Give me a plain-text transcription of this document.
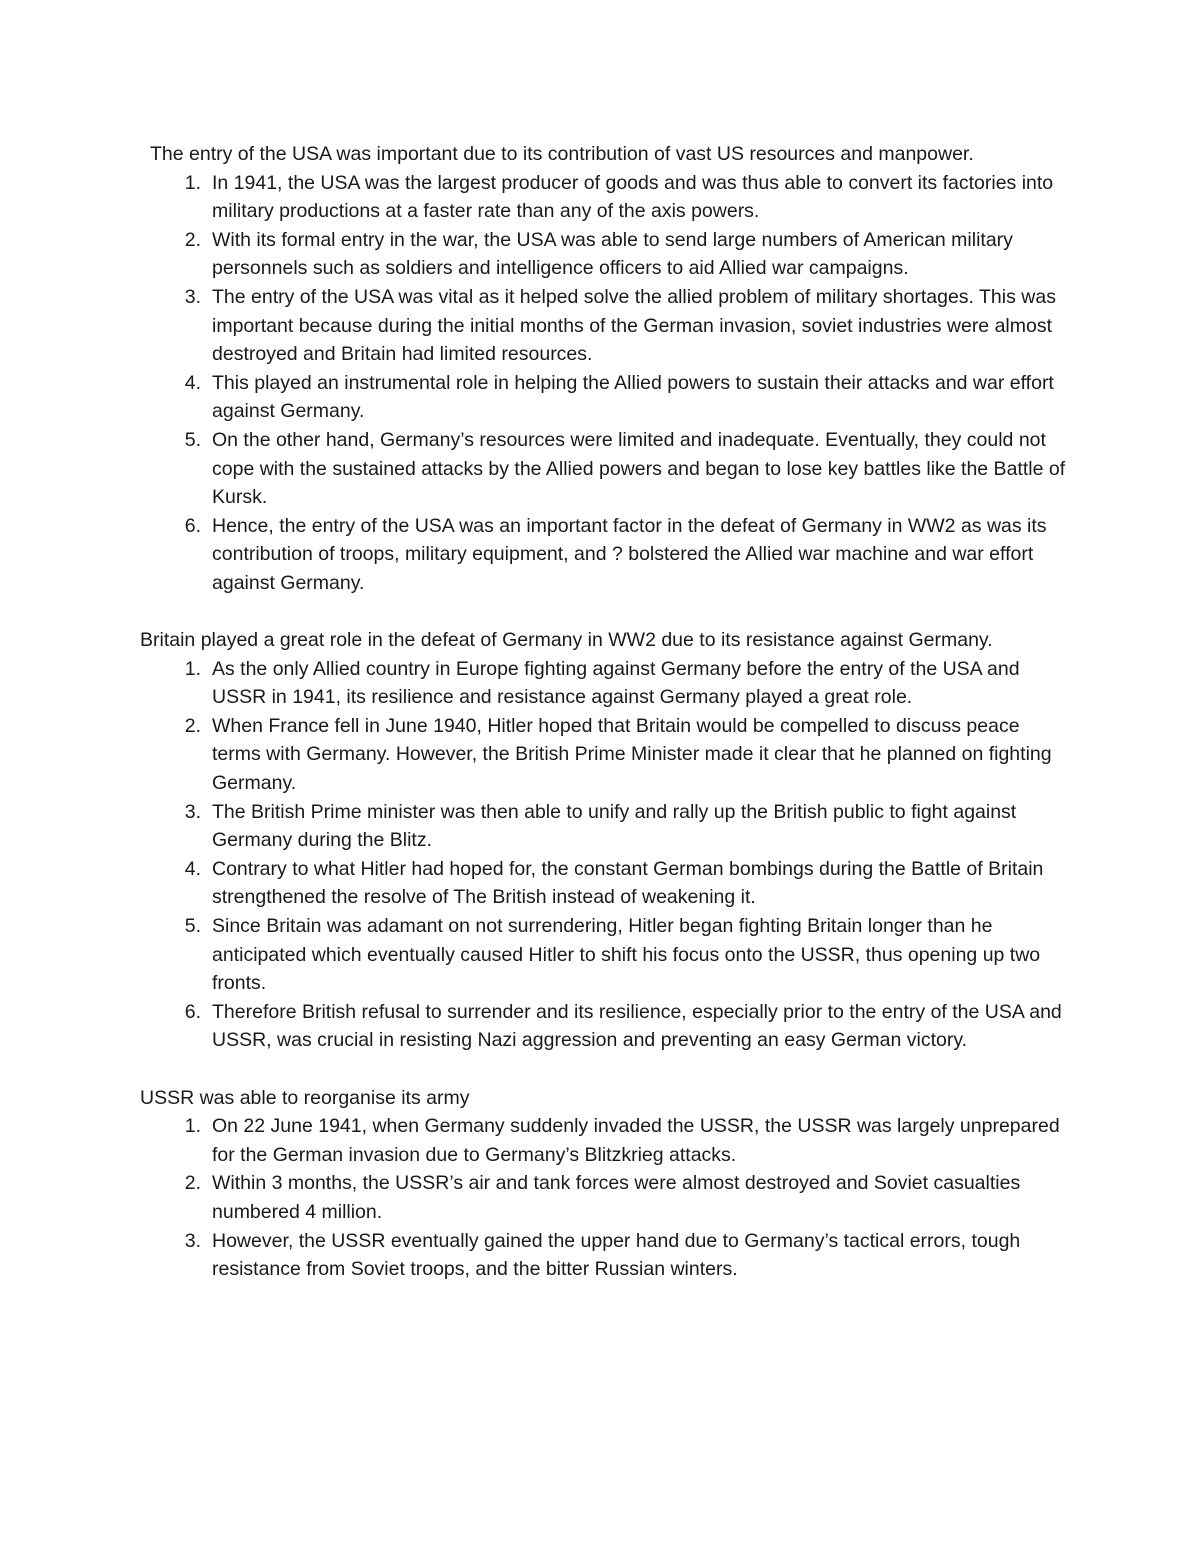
The entry of the USA was important due to its contribution of vast US resources and manpower.

1. In 1941, the USA was the largest producer of goods and was thus able to convert its factories into military productions at a faster rate than any of the axis powers.
2. With its formal entry in the war, the USA was able to send large numbers of American military personnels such as soldiers and intelligence officers to aid Allied war campaigns.
3. The entry of the USA was vital as it helped solve the allied problem of military shortages. This was important because during the initial months of the German invasion, soviet industries were almost destroyed and Britain had limited resources.
4. This played an instrumental role in helping the Allied powers to sustain their attacks and war effort against Germany.
5. On the other hand, Germany’s resources were limited and inadequate. Eventually, they could not cope with the sustained attacks by the Allied powers and began to lose key battles like the Battle of Kursk.
6. Hence, the entry of the USA was an important factor in the defeat of Germany in WW2 as was its contribution of troops, military equipment, and ? bolstered the Allied war machine and war effort against Germany.

Britain played a great role in the defeat of Germany in WW2 due to its resistance against Germany.

1. As the only Allied country in Europe fighting against Germany before the entry of the USA and USSR in 1941, its resilience and resistance against Germany played a great role.
2. When France fell in June 1940, Hitler hoped that Britain would be compelled to discuss peace terms with Germany. However, the British Prime Minister made it clear that he planned on fighting Germany.
3. The British Prime minister was then able to unify and rally up the British public to fight against Germany during the Blitz.
4. Contrary to what Hitler had hoped for, the constant German bombings during the Battle of Britain strengthened the resolve of The British instead of weakening it.
5. Since Britain was adamant on not surrendering, Hitler began fighting Britain longer than he anticipated which eventually caused Hitler to shift his focus onto the USSR, thus opening up two fronts.
6. Therefore British refusal to surrender and its resilience, especially prior to the entry of the USA and USSR, was crucial in resisting Nazi aggression and preventing an easy German victory.

USSR was able to reorganise its army

1. On 22 June 1941, when Germany suddenly invaded the USSR, the USSR was largely unprepared for the German invasion due to Germany’s Blitzkrieg attacks.
2. Within 3 months, the USSR’s air and tank forces were almost destroyed and Soviet casualties numbered 4 million.
3. However, the USSR eventually gained the upper hand due to Germany’s tactical errors, tough resistance from Soviet troops, and the bitter Russian winters.
